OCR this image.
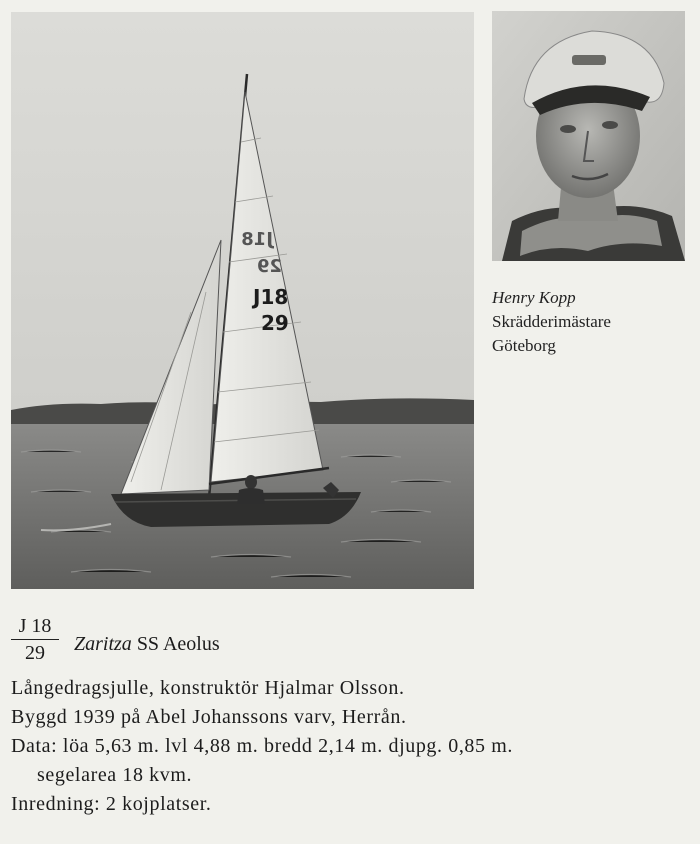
J18
29
J18
29
Henry Kopp
Skrädderimästare
Göteborg
J 18
29	Zaritza SS Aeolus
Långedragsjulle, konstruktör Hjalmar Olsson.
Byggd 1939 på Abel Johanssons varv, Herrån.
Data: löa 5,63 m. lvl 4,88 m. bredd 2,14 m. djupg. 0,85 m.
segelarea 18 kvm.
Inredning: 2 kojplatser.
